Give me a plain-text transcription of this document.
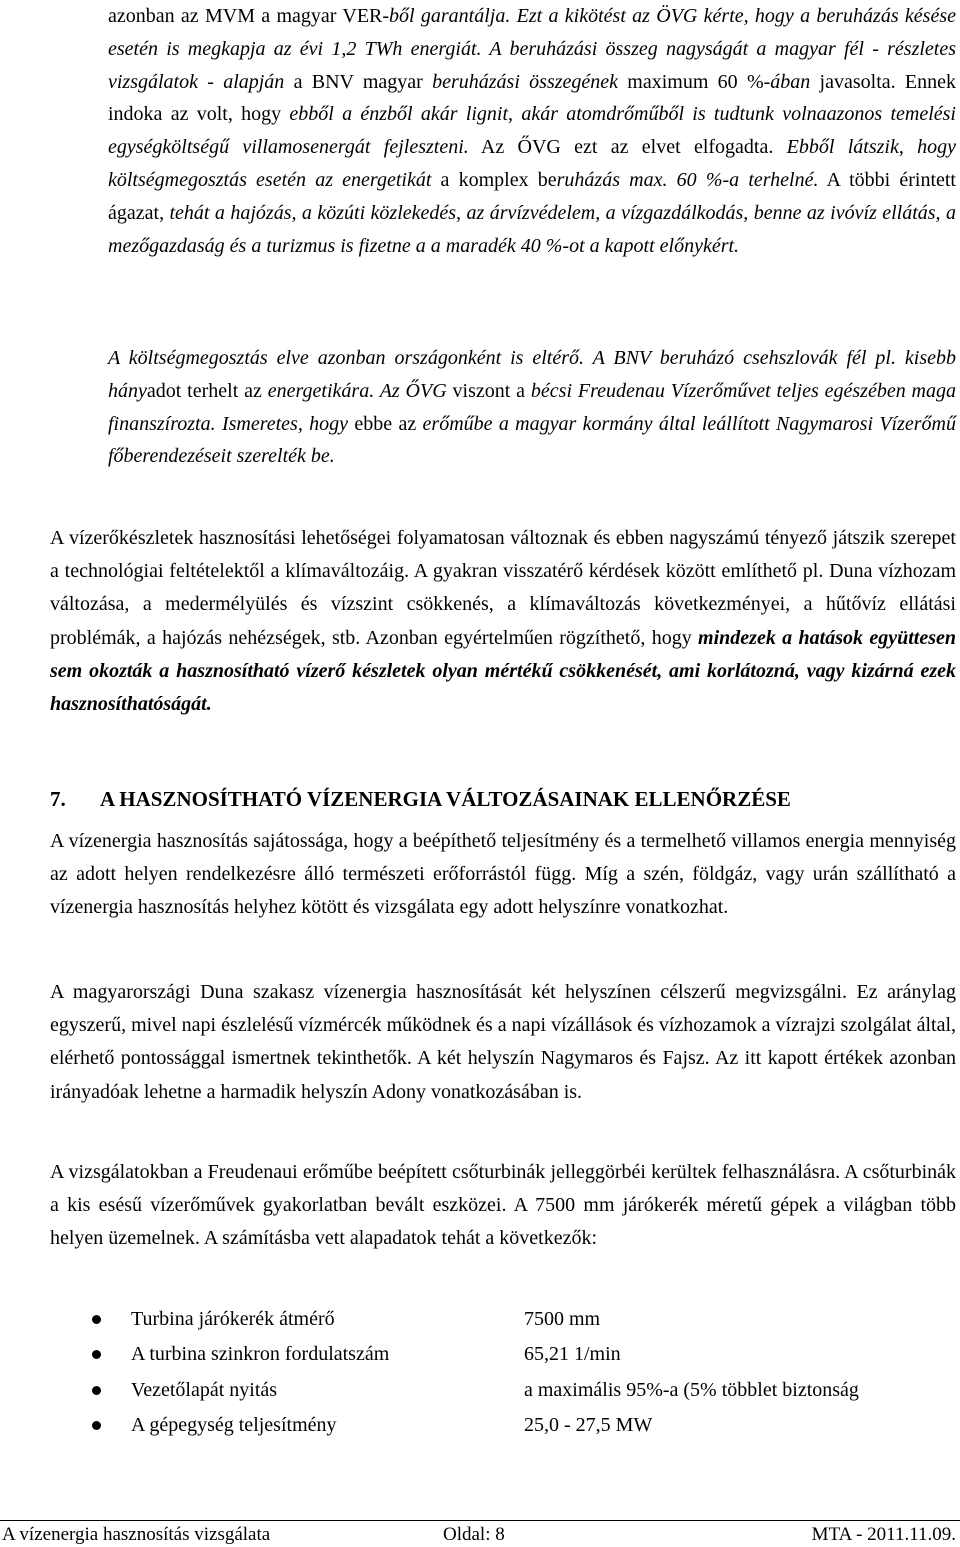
azonban az MVM a magyar VER-ből garantálja. Ezt a kikötést az ÖVG kérte, hogy a beruházás késése esetén is megkapja az évi 1,2 TWh energiát. A beruházási összeg nagyságát a magyar fél - részletes vizsgálatok - alapján a BNV magyar beruházási összegének maximum 60 %-ában javasolta. Ennek indoka az volt, hogy ebből a énzből akár lignit, akár atomdrőműből is tudtunk volnaazonos temelési egységköltségű villamosenergát fejleszteni. Az ŐVG ezt az elvet elfogadta. Ebből látszik, hogy költségmegosztás esetén az energetikát a komplex beruházás max. 60 %-a terhelné. A többi érintett ágazat, tehát a hajózás, a közúti közlekedés, az árvízvédelem, a vízgazdálkodás, benne az ivóvíz ellátás, a mezőgazdaság és a turizmus is fizetne a a maradék 40 %-ot a kapott előnykért.

A költségmegosztás elve azonban országonként is eltérő. A BNV beruházó csehszlovák fél pl. kisebb hányadot terhelt az energetikára. Az ŐVG viszont a bécsi Freudenau Vízerőművet teljes egészében maga finanszírozta. Ismeretes, hogy ebbe az erőműbe a magyar kormány által leállított Nagymarosi Vízerőmű főberendezéseit szerelték be.

A vízerőkészletek hasznosítási lehetőségei folyamatosan változnak és ebben nagyszámú tényező játszik szerepet a technológiai feltételektől a klímaváltozáig. A gyakran visszatérő kérdések között említhető pl. Duna vízhozam változása, a medermélyülés és vízszint csökkenés, a klímaváltozás következményei, a hűtővíz ellátási problémák, a hajózás nehézségek, stb. Azonban egyértelműen rögzíthető, hogy mindezek a hatások együttesen sem okozták a hasznosítható vízerő készletek olyan mértékű csökkenését, ami korlátozná, vagy kizárná ezek hasznosíthatóságát.

7. A HASZNOSÍTHATÓ VÍZENERGIA VÁLTOZÁSAINAK ELLENŐRZÉSE

A vízenergia hasznosítás sajátossága, hogy a beépíthető teljesítmény és a termelhető villamos energia mennyiség az adott helyen rendelkezésre álló természeti erőforrástól függ. Míg a szén, földgáz, vagy urán szállítható a vízenergia hasznosítás helyhez kötött és vizsgálata egy adott helyszínre vonatkozhat.

A magyarországi Duna szakasz vízenergia hasznosítását két helyszínen célszerű megvizsgálni. Ez aránylag egyszerű, mivel napi észlelésű vízmércék működnek és a napi vízállások és vízhozamok a vízrajzi szolgálat által, elérhető pontossággal ismertnek tekinthetők. A két helyszín Nagymaros és Fajsz. Az itt kapott értékek azonban irányadóak lehetne a harmadik helyszín Adony vonatkozásában is.

A vizsgálatokban a Freudenaui erőműbe beépített csőturbinák jelleggörbéi kerültek felhasználásra. A csőturbinák a kis esésű vízerőművek gyakorlatban bevált eszközei. A 7500 mm járókerék méretű gépek a világban több helyen üzemelnek. A számításba vett alapadatok tehát a következők:

Turbina járókerék átmérő	7500 mm
A turbina szinkron fordulatszám	65,21 1/min
Vezetőlapát nyitás	a maximális 95%-a (5% többlet biztonság
A gépegység teljesítmény	25,0 - 27,5 MW
A vízenergia hasznosítás vizsgálata	Oldal: 8	MTA - 2011.11.09.
